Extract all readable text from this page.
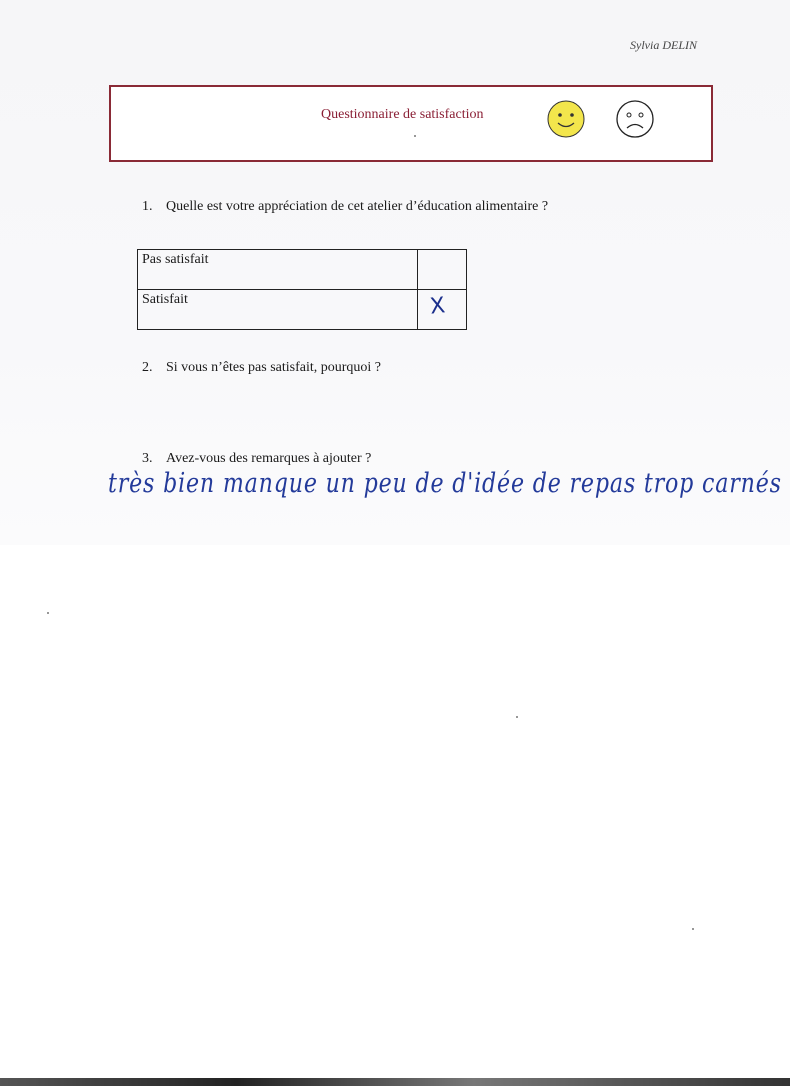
Sylvia DELIN
Questionnaire de satisfaction
1. Quelle est votre appréciation de cet atelier d’éducation alimentaire ?
Pas satisfait	

Satisfait	X
2. Si vous n’êtes pas satisfait, pourquoi ?
3. Avez-vous des remarques à ajouter ?
très bien manque un peu de d'idée de repas trop carnés
